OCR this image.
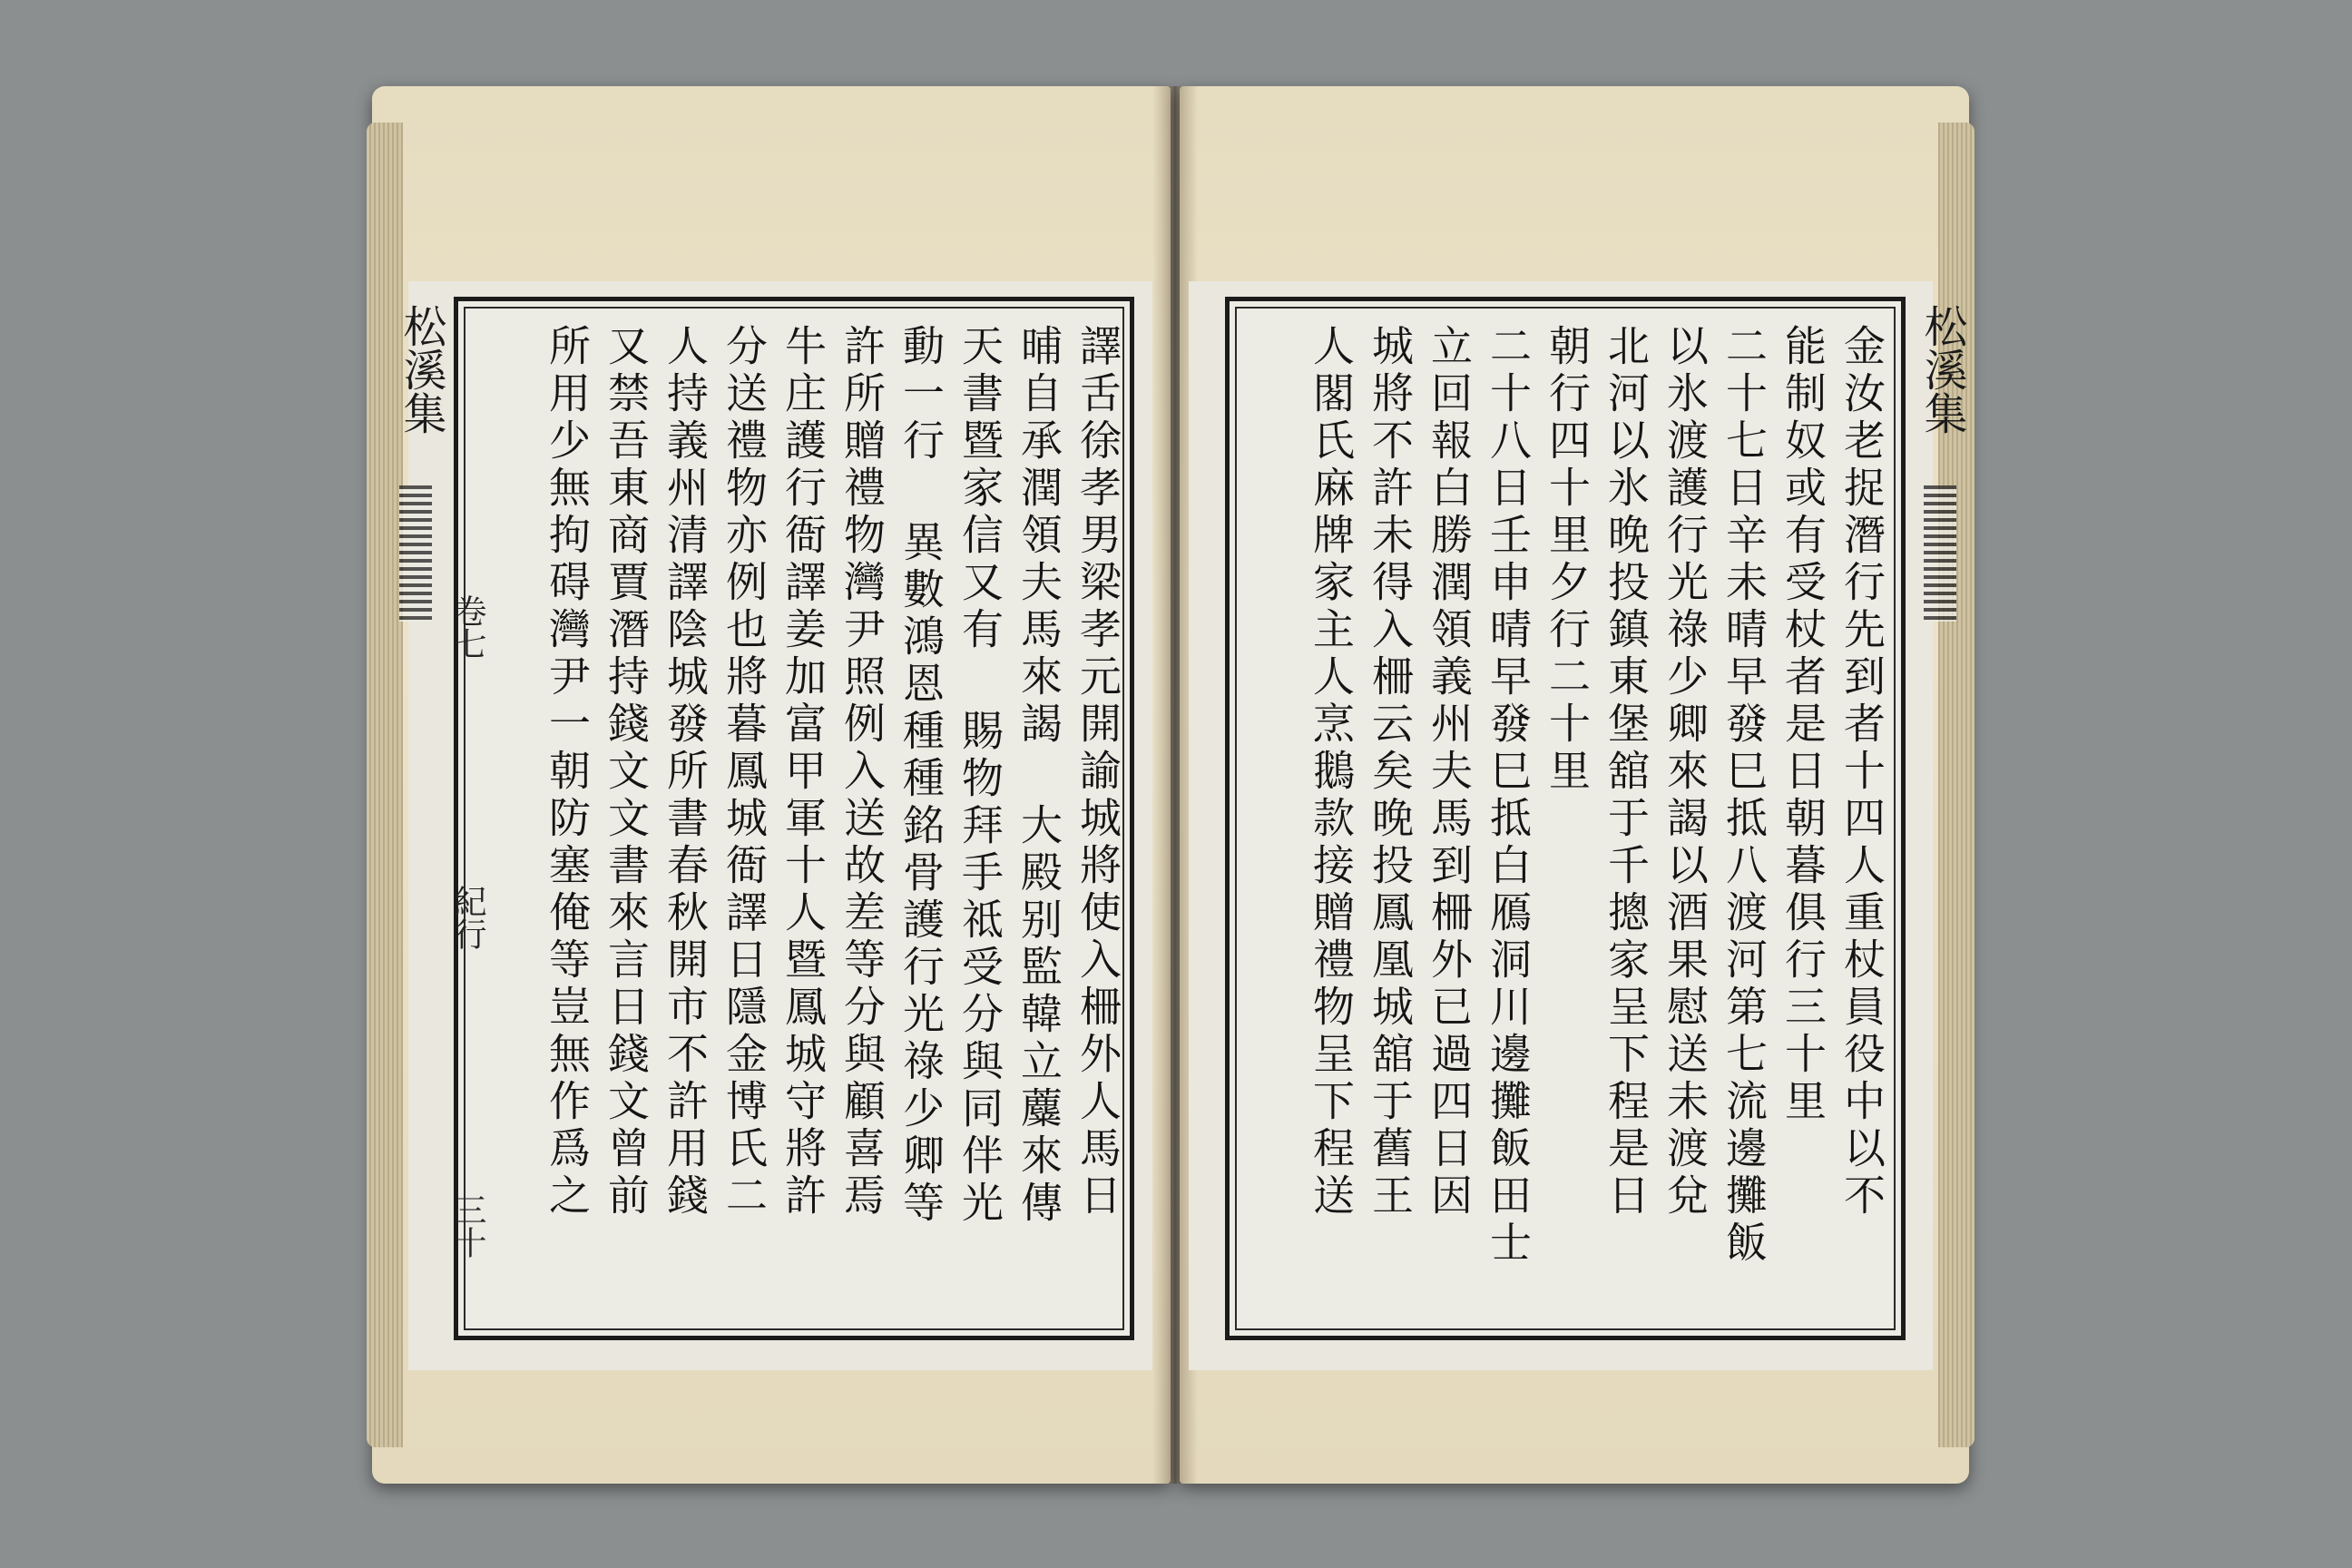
松溪集
卷七
紀行
三十
譯舌徐孝男梁孝元開諭城將使入柵外人馬日
晡自承潤領夫馬來謁 大殿别監韓立蘪來傳
天書暨家信又有 賜物拜手祗受分與同伴光
動一行 異數鴻恩種種銘骨護行光祿少卿等
許所贈禮物灣尹照例入送故差等分與顧喜焉
牛庄護行衙譯姜加富甲軍十人暨鳳城守將許
分送禮物亦例也將暮鳳城衙譯日隱金博氏二
人持義州清譯陰城發所書春秋開市不許用錢
又禁吾東商賈潛持錢文文書來言日錢文曾前
所用少無拘碍灣尹一朝防塞俺等豈無作爲之	松溪集
金汝老捉潛行先到者十四人重杖員役中以不
能制奴或有受杖者是日朝暮俱行三十里
二十七日辛未晴早發巳抵八渡河第七流邊攤飯
以氷渡護行光祿少卿來謁以酒果慰送未渡兌
北河以氷晚投鎮東堡舘于千摠家呈下程是日
朝行四十里夕行二十里
二十八日壬申晴早發巳抵白鴈洞川邊攤飯田士
立回報白勝潤領義州夫馬到柵外已過四日因
城將不許未得入柵云矣晚投鳳凰城舘于舊王
人閣氏麻牌家主人烹鵝款接贈禮物呈下程送
